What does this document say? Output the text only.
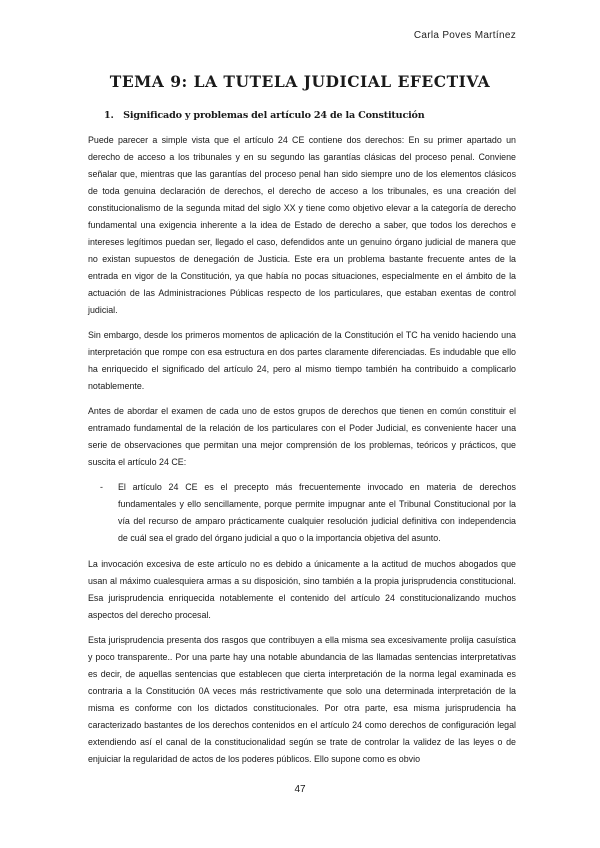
Carla Poves Martínez
TEMA 9: LA TUTELA JUDICIAL EFECTIVA
1. Significado y problemas del artículo 24 de la Constitución

Puede parecer a simple vista que el artículo 24 CE contiene dos derechos: En su primer apartado un derecho de acceso a los tribunales y en su segundo las garantías clásicas del proceso penal. Conviene señalar que, mientras que las garantías del proceso penal han sido siempre uno de los elementos clásicos de toda genuina declaración de derechos, el derecho de acceso a los tribunales, es una creación del constitucionalismo de la segunda mitad del siglo XX y tiene como objetivo elevar a la categoría de derecho fundamental una exigencia inherente a la idea de Estado de derecho a saber, que todos los derechos e intereses legítimos puedan ser, llegado el caso, defendidos ante un genuino órgano judicial de manera que no existan supuestos de denegación de Justicia. Este era un problema bastante frecuente antes de la entrada en vigor de la Constitución, ya que había no pocas situaciones, especialmente en el ámbito de la actuación de las Administraciones Públicas respecto de los particulares, que estaban exentas de control judicial.

Sin embargo, desde los primeros momentos de aplicación de la Constitución el TC ha venido haciendo una interpretación que rompe con esa estructura en dos partes claramente diferenciadas. Es indudable que ello ha enriquecido el significado del artículo 24, pero al mismo tiempo también ha contribuido a complicarlo notablemente.

Antes de abordar el examen de cada uno de estos grupos de derechos que tienen en común constituir el entramado fundamental de la relación de los particulares con el Poder Judicial, es conveniente hacer una serie de observaciones que permitan una mejor comprensión de los problemas, teóricos y prácticos, que suscita el artículo 24 CE:

-	El artículo 24 CE es el precepto más frecuentemente invocado en materia de derechos fundamentales y ello sencillamente, porque permite impugnar ante el Tribunal Constitucional por la vía del recurso de amparo prácticamente cualquier resolución judicial definitiva con independencia de cuál sea el grado del órgano judicial a quo o la importancia objetiva del asunto.

La invocación excesiva de este artículo no es debido a únicamente a la actitud de muchos abogados que usan al máximo cualesquiera armas a su disposición, sino también a la propia jurisprudencia constitucional. Esa jurisprudencia enriquecida notablemente el contenido del artículo 24 constitucionalizando muchos aspectos del derecho procesal.

Esta jurisprudencia presenta dos rasgos que contribuyen a ella misma sea excesivamente prolija casuística y poco transparente.. Por una parte hay una notable abundancia de las llamadas sentencias interpretativas es decir, de aquellas sentencias que establecen que cierta interpretación de la norma legal examinada es contraria a la Constitución 0A veces más restrictivamente que solo una determinada interpretación de la misma es conforme con los dictados constitucionales. Por otra parte, esa misma jurisprudencia ha caracterizado bastantes de los derechos contenidos en el artículo 24 como derechos de configuración legal extendiendo así el canal de la constitucionalidad según se trate de controlar la validez de las leyes o de enjuiciar la regularidad de actos de los poderes públicos. Ello supone como es obvio

47
